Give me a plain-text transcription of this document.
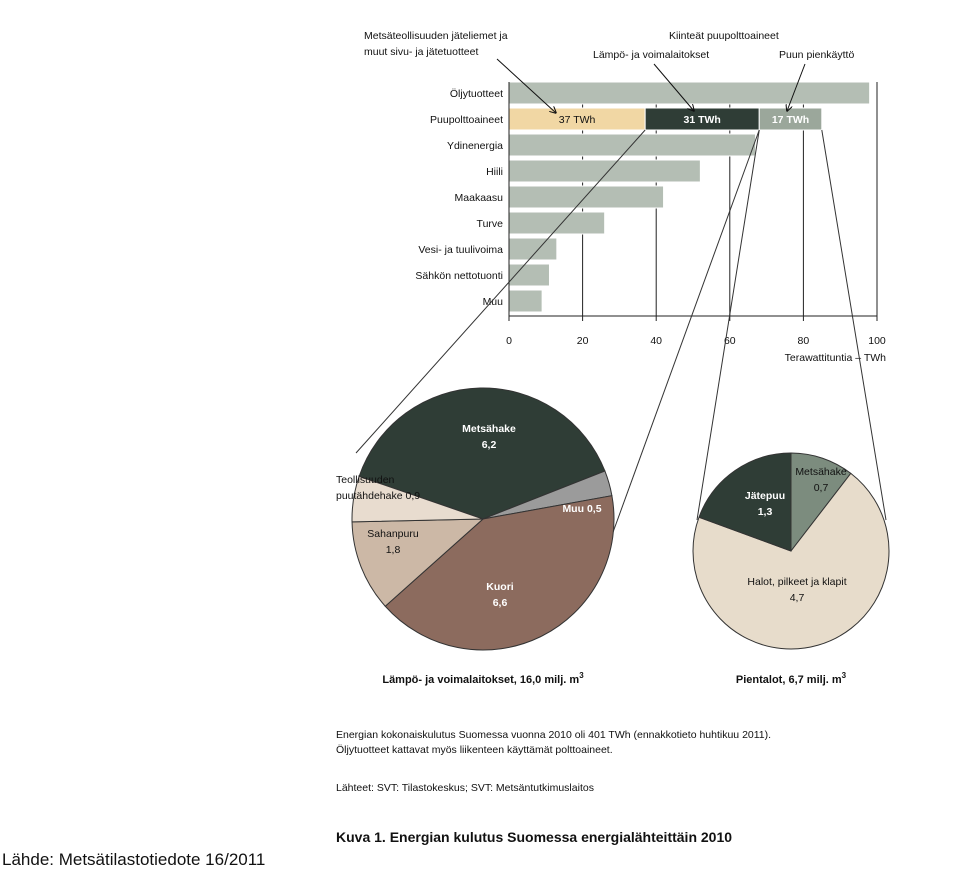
Öljytuotteet
Puupolttoaineet	37 TWh	31 TWh	17 TWh
Ydinenergia
Hiili
Maakaasu
Turve
Vesi- ja tuulivoima
Sähkön nettotuonti
Muu
0	20	40	60	80	100
Terawattituntia – TWh
Metsäteollisuuden jäteliemet ja
muut sivu- ja jätetuotteet
Kiinteät puupolttoaineet
Lämpö- ja voimalaitokset	Puun pienkäyttö
Metsähake
6,2
Muu 0,5
Kuori
6,6
Sahanpuru
1,8
Teollisuuden puutähdehake 0,9
Lämpö- ja voimalaitokset, 16,0 milj. $m^3$
Metsähake
0,7
Halot, pilkeet ja klapit
4,7
Jätepuu
1,3
Pientalot, 6,7 milj. $m^3$
Energian kokonaiskulutus Suomessa vuonna 2010 oli 401 TWh (ennakkotieto huhtikuu 2011).
Öljytuotteet kattavat myös liikenteen käyttämät polttoaineet.
Lähteet: SVT: Tilastokeskus; SVT: Metsäntutkimuslaitos
Kuva 1. Energian kulutus Suomessa energialähteittäin 2010
Lähde: Metsätilastotiedote 16/2011
